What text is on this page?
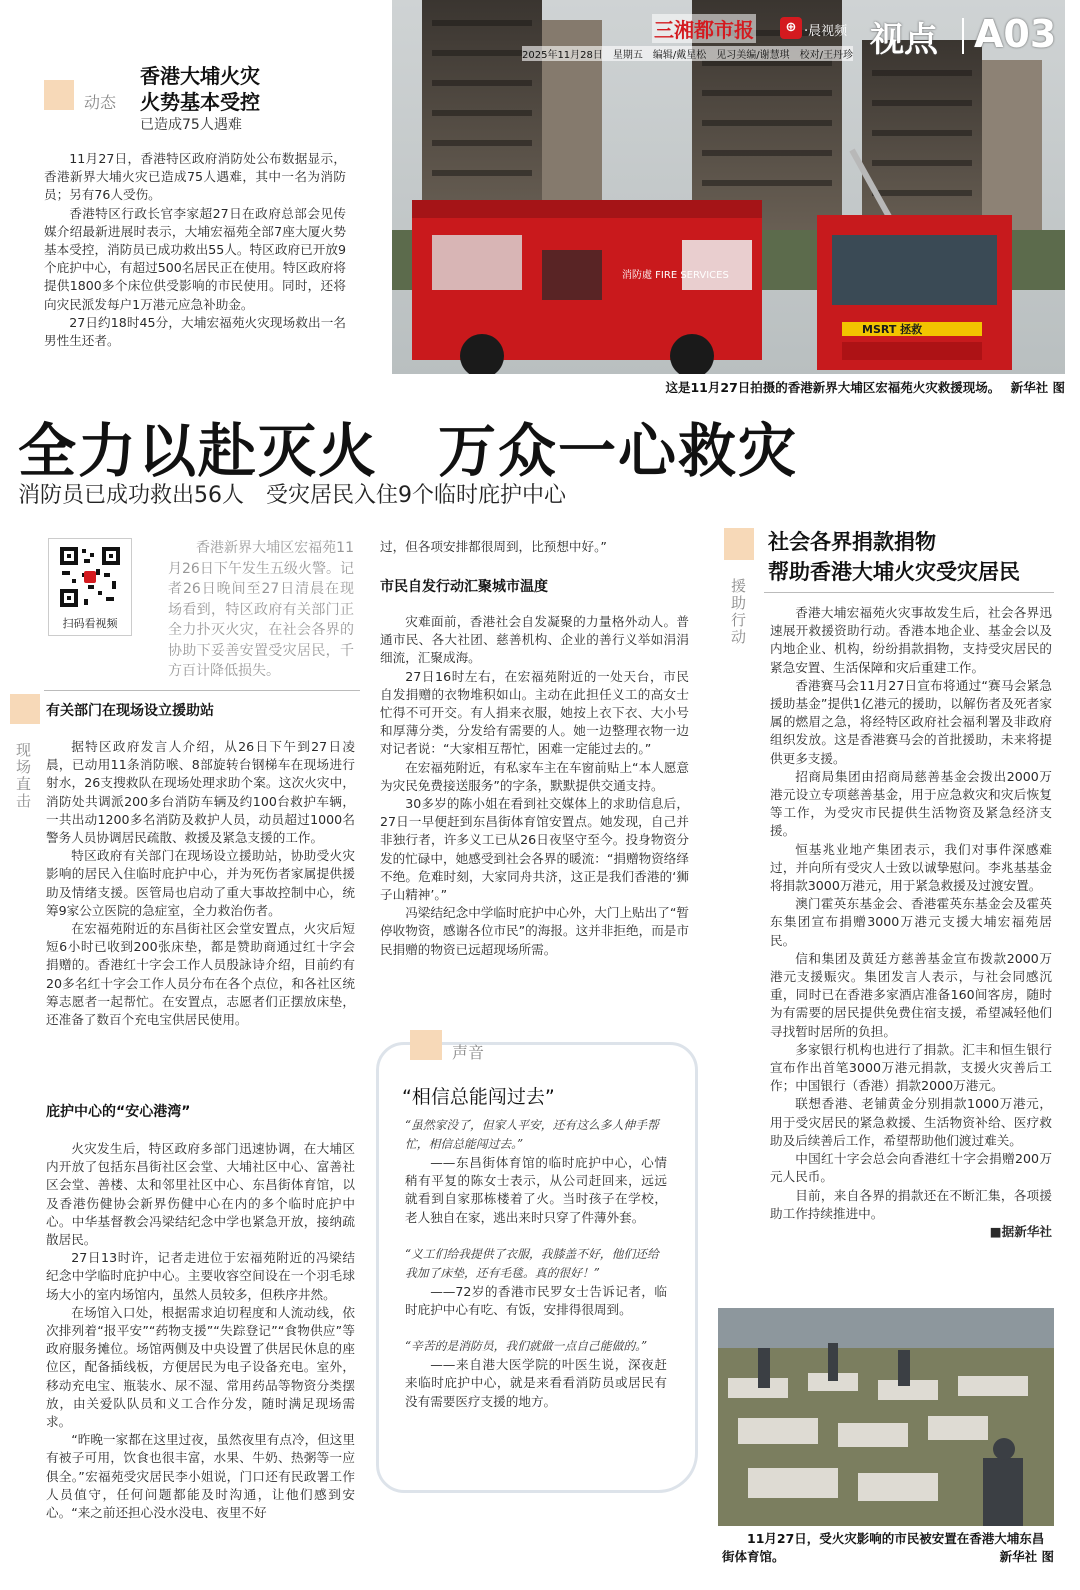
消防處 FIRE SERVICES
MSRT 拯救
三湘都市报	⊕ ·晨视频 视点 A03
2025年11月28日　星期五　编辑/戴星松　见习美编/谢慧琪　校对/王丹珍
这是11月27日拍摄的香港新界大埔区宏福苑火灾救援现场。 新华社 图
动态
香港大埔火灾
火势基本受控
已造成75人遇难

11月27日，香港特区政府消防处公布数据显示，香港新界大埔火灾已造成75人遇难，其中一名为消防员；另有76人受伤。

香港特区行政长官李家超27日在政府总部会见传媒介绍最新进展时表示，大埔宏福苑全部7座大厦火势基本受控，消防员已成功救出55人。特区政府已开放9个庇护中心，有超过500名居民正在使用。特区政府将提供1800多个床位供受影响的市民使用。同时，还将向灾民派发每户1万港元应急补助金。

27日约18时45分，大埔宏福苑火灾现场救出一名男性生还者。

全力以赴灭火　万众一心救灾
消防员已成功救出56人　受灾居民入住9个临时庇护中心
扫码看视频
香港新界大埔区宏福苑11月26日下午发生五级火警。记者26日晚间至27日清晨在现场看到，特区政府有关部门正全力扑灭火灾，在社会各界的协助下妥善安置受灾居民，千方百计降低损失。
现场直击
有关部门在现场设立援助站

据特区政府发言人介绍，从26日下午到27日凌晨，已动用11条消防喉、8部旋转台钢梯车在现场进行射水，26支搜救队在现场处理求助个案。这次火灾中，消防处共调派200多台消防车辆及约100台救护车辆，一共出动1200多名消防及救护人员，动员超过1000名警务人员协调居民疏散、救援及紧急支援的工作。

特区政府有关部门在现场设立援助站，协助受火灾影响的居民入住临时庇护中心，并为死伤者家属提供援助及情绪支援。医管局也启动了重大事故控制中心，统筹9家公立医院的急症室，全力救治伤者。

在宏福苑附近的东昌街社区会堂安置点，火灾后短短6小时已收到200张床垫，都是赞助商通过红十字会捐赠的。香港红十字会工作人员殷詠诗介绍，目前约有20多名红十字会工作人员分布在各个点位，和各社区统筹志愿者一起帮忙。在安置点，志愿者们正摆放床垫，还准备了数百个充电宝供居民使用。

庇护中心的“安心港湾”

火灾发生后，特区政府多部门迅速协调，在大埔区内开放了包括东昌街社区会堂、大埔社区中心、富善社区会堂、善楼、太和邻里社区中心、东昌街体育馆，以及香港伤健协会新界伤健中心在内的多个临时庇护中心。中华基督教会冯梁结纪念中学也紧急开放，接纳疏散居民。

27日13时许，记者走进位于宏福苑附近的冯梁结纪念中学临时庇护中心。主要收容空间设在一个羽毛球场大小的室内场馆内，虽然人员较多，但秩序井然。

在场馆入口处，根据需求迫切程度和人流动线，依次排列着“报平安”“药物支援”“失踪登记”“食物供应”等政府服务摊位。场馆两侧及中央设置了供居民休息的座位区，配备插线板，方便居民为电子设备充电。室外，移动充电宝、瓶装水、尿不湿、常用药品等物资分类摆放，由关爱队队员和义工合作分发，随时满足现场需求。

“昨晚一家都在这里过夜，虽然夜里有点冷，但这里有被子可用，饮食也很丰富，水果、牛奶、热粥等一应俱全。”宏福苑受灾居民李小姐说，门口还有民政署工作人员值守，任何问题都能及时沟通，让他们感到安心。“来之前还担心没水没电、夜里不好

过，但各项安排都很周到，比预想中好。”
市民自发行动汇聚城市温度

灾难面前，香港社会自发凝聚的力量格外动人。普通市民、各大社团、慈善机构、企业的善行义举如涓涓细流，汇聚成海。

27日16时左右，在宏福苑附近的一处天台，市民自发捐赠的衣物堆积如山。主动在此担任义工的高女士忙得不可开交。有人捐来衣服，她按上衣下衣、大小号和厚薄分类，分发给有需要的人。她一边整理衣物一边对记者说：“大家相互帮忙，困难一定能过去的。”

在宏福苑附近，有私家车主在车窗前贴上“本人愿意为灾民免费接送服务”的字条，默默提供交通支持。

30多岁的陈小姐在看到社交媒体上的求助信息后，27日一早便赶到东昌街体育馆安置点。她发现，自己并非独行者，许多义工已从26日夜坚守至今。投身物资分发的忙碌中，她感受到社会各界的暖流：“捐赠物资络绎不绝。危难时刻，大家同舟共济，这正是我们香港的‘狮子山精神’。”

冯梁结纪念中学临时庇护中心外，大门上贴出了“暂停收物资，感谢各位市民”的海报。这并非拒绝，而是市民捐赠的物资已远超现场所需。

声音
“相信总能闯过去”
“虽然家没了，但家人平安，还有这么多人伸手帮忙，相信总能闯过去。”
——东昌街体育馆的临时庇护中心，心情稍有平复的陈女士表示，从公司赶回来，远远就看到自家那栋楼着了火。当时孩子在学校，老人独自在家，逃出来时只穿了件薄外套。
“义工们给我提供了衣服，我膝盖不好，他们还给我加了床垫，还有毛毯。真的很好！”
——72岁的香港市民罗女士告诉记者，临时庇护中心有吃、有饭，安排得很周到。
“辛苦的是消防员，我们就做一点自己能做的。”
——来自港大医学院的叶医生说，深夜赶来临时庇护中心，就是来看看消防员或居民有没有需要医疗支援的地方。
援助行动
社会各界捐款捐物
帮助香港大埔火灾受灾居民

香港大埔宏福苑火灾事故发生后，社会各界迅速展开救援资助行动。香港本地企业、基金会以及内地企业、机构，纷纷捐款捐物，支持受灾居民的紧急安置、生活保障和灾后重建工作。

香港赛马会11月27日宣布将通过“赛马会紧急援助基金”提供1亿港元的援助，以解伤者及死者家属的燃眉之急，将经特区政府社会福利署及非政府组织发放。这是香港赛马会的首批援助，未来将提供更多支援。

招商局集团由招商局慈善基金会拨出2000万港元设立专项慈善基金，用于应急救灾和灾后恢复等工作，为受灾市民提供生活物资及紧急经济支援。

恒基兆业地产集团表示，我们对事件深感难过，并向所有受灾人士致以诚挚慰问。李兆基基金将捐款3000万港元，用于紧急救援及过渡安置。

澳门霍英东基金会、香港霍英东基金会及霍英东集团宣布捐赠3000万港元支援大埔宏福苑居民。

信和集团及黄廷方慈善基金宣布拨款2000万港元支援赈灾。集团发言人表示，与社会同感沉重，同时已在香港多家酒店准备160间客房，随时为有需要的居民提供免费住宿支援，希望减轻他们寻找暂时居所的负担。

多家银行机构也进行了捐款。汇丰和恒生银行宣布作出首笔3000万港元捐款，支援火灾善后工作；中国银行（香港）捐款2000万港元。

联想香港、老铺黄金分别捐款1000万港元，用于受灾居民的紧急救援、生活物资补给、医疗救助及后续善后工作，希望帮助他们渡过难关。

中国红十字会总会向香港红十字会捐赠200万元人民币。

目前，来自各界的捐款还在不断汇集，各项援助工作持续推进中。

■据新华社
11月27日，受火灾影响的市民被安置在香港大埔东昌街体育馆。	新华社 图
